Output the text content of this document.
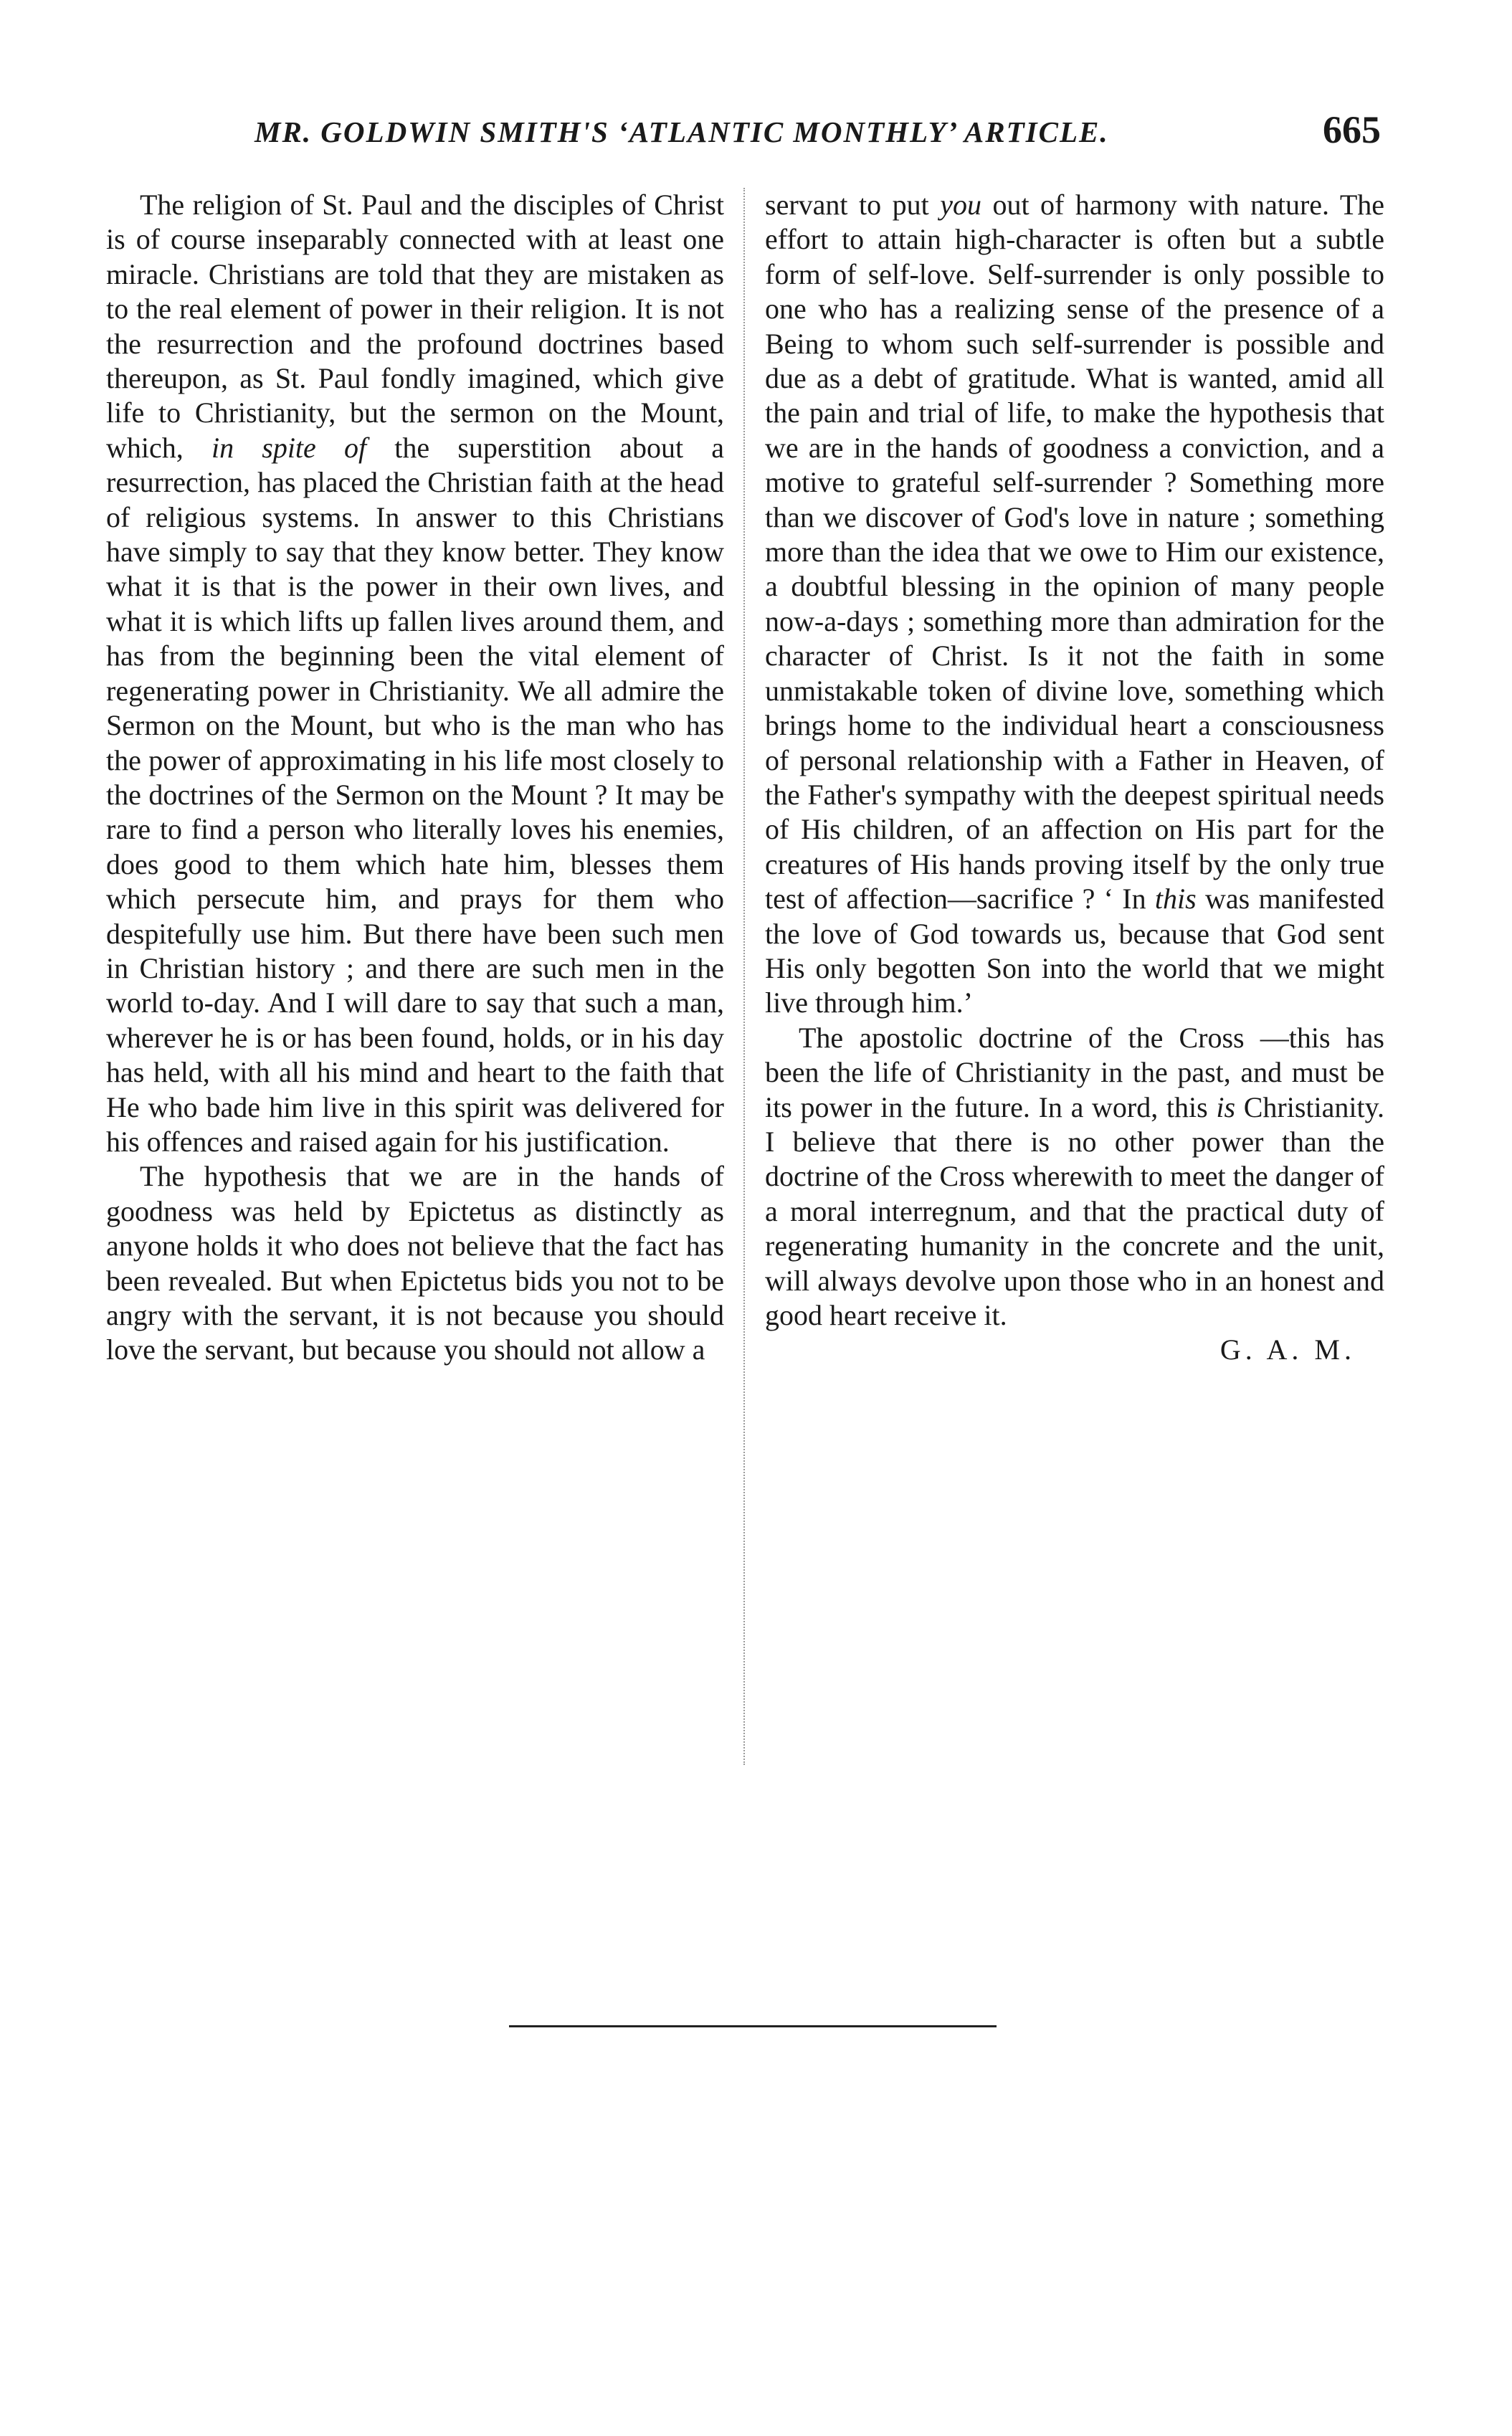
MR. GOLDWIN SMITH'S ‘ATLANTIC MONTHLY’ ARTICLE.	665

The religion of St. Paul and the disciples of Christ is of course inseparably connected with at least one miracle. Christians are told that they are mistaken as to the real element of power in their religion. It is not the resurrection and the profound doctrines based thereupon, as St. Paul fondly imagined, which give life to Christianity, but the sermon on the Mount, which, in spite of the superstition about a resurrection, has placed the Christian faith at the head of religious systems. In answer to this Christians have simply to say that they know better. They know what it is that is the power in their own lives, and what it is which lifts up fallen lives around them, and has from the beginning been the vital element of regenerating power in Christianity. We all admire the Sermon on the Mount, but who is the man who has the power of approximating in his life most closely to the doctrines of the Sermon on the Mount ? It may be rare to find a person who literally loves his enemies, does good to them which hate him, blesses them which persecute him, and prays for them who despitefully use him. But there have been such men in Christian history ; and there are such men in the world to-day. And I will dare to say that such a man, wherever he is or has been found, holds, or in his day has held, with all his mind and heart to the faith that He who bade him live in this spirit was delivered for his offences and raised again for his justification.

The hypothesis that we are in the hands of goodness was held by Epictetus as distinctly as anyone holds it who does not believe that the fact has been revealed. But when Epictetus bids you not to be angry with the servant, it is not because you should love the servant, but because you should not allow a

servant to put you out of harmony with nature. The effort to attain high-character is often but a subtle form of self-love. Self-surrender is only possible to one who has a realizing sense of the presence of a Being to whom such self-surrender is possible and due as a debt of gratitude. What is wanted, amid all the pain and trial of life, to make the hypothesis that we are in the hands of goodness a conviction, and a motive to grateful self-surrender ? Something more than we discover of God's love in nature ; something more than the idea that we owe to Him our existence, a doubtful blessing in the opinion of many people now-a-days ; something more than admiration for the character of Christ. Is it not the faith in some unmistakable token of divine love, something which brings home to the individual heart a consciousness of personal relationship with a Father in Heaven, of the Father's sympathy with the deepest spiritual needs of His children, of an affection on His part for the creatures of His hands proving itself by the only true test of affection—sacrifice ? ‘ In this was manifested the love of God towards us, because that God sent His only begotten Son into the world that we might live through him.’

The apostolic doctrine of the Cross —this has been the life of Christianity in the past, and must be its power in the future. In a word, this is Christianity. I believe that there is no other power than the doctrine of the Cross wherewith to meet the danger of a moral interregnum, and that the practical duty of regenerating humanity in the concrete and the unit, will always devolve upon those who in an honest and good heart receive it.

G. A. M.
